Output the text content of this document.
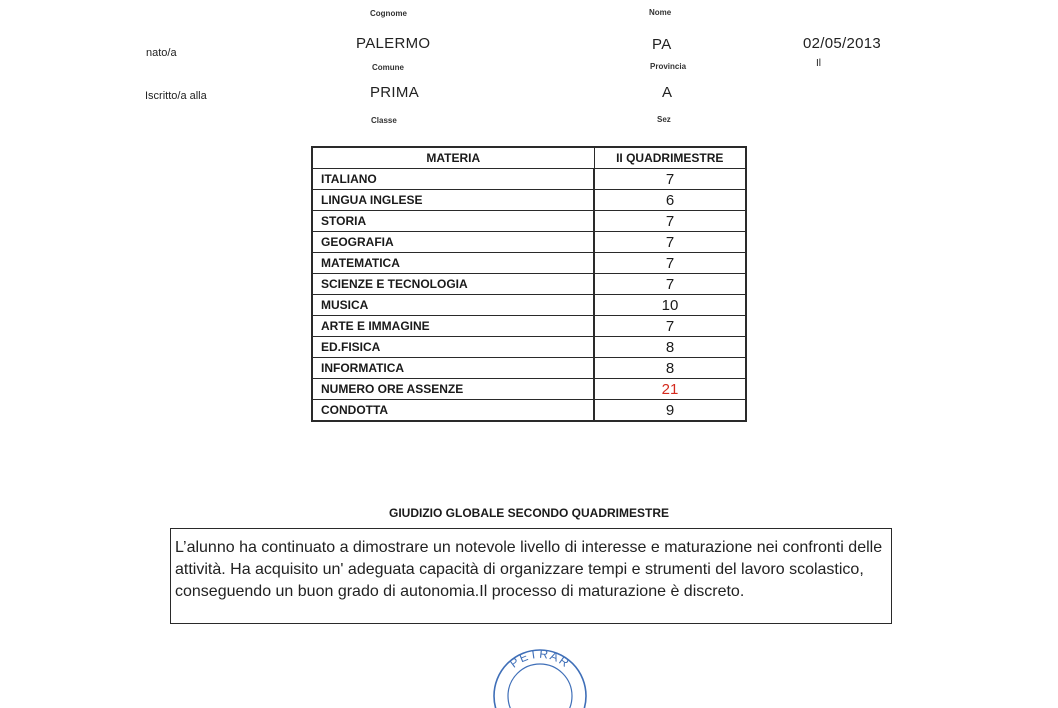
Cognome	Nome
nato/a
PALERMO	PA	02/05/2013
Comune	Provincia	Il
Iscritto/a alla	PRIMA	A
Classe	Sez
MATERIA	II QUADRIMESTRE
ITALIANO	7
LINGUA INGLESE	6
STORIA	7
GEOGRAFIA	7
MATEMATICA	7
SCIENZE E TECNOLOGIA	7
MUSICA	10
ARTE E IMMAGINE	7
ED.FISICA	8
INFORMATICA	8
NUMERO ORE ASSENZE	21
CONDOTTA	9
GIUDIZIO GLOBALE SECONDO QUADRIMESTRE
L’alunno ha continuato a dimostrare un notevole livello di interesse e maturazione nei confronti delle attività. Ha acquisito un' adeguata capacità di organizzare tempi e strumenti del lavoro scolastico, conseguendo un buon grado di autonomia.Il processo di maturazione è discreto.
PETRAR
